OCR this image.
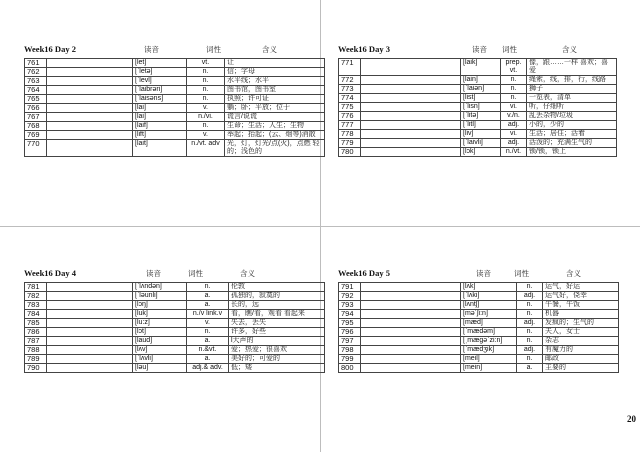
Week16 Day 2	读音	词性	含义
761		[let]	vt.	让
762		[ˈletə]	n.	信；字母
763		[ˈlevl]	n.	水平线；水平
764		[ˈlaibrəri]	n.	图书馆，图书室
765		[ˈlaisəns]	n.	执照；许可证
766		[lai]	v.	躺；卧；平放；位于
767		[lai]	n./vi.	谎言/说谎
768		[laif]	n.	生命；生活；人生；生物
769		[lift]	v.	举起；抬起；(云、烟等)消散
770		[lait]	n./vt. adv	光，灯，灯光/点(火)，点燃 轻的；浅色的
Week16 Day 3	读音 词性	含义
771		[laik]	prep. vt.	像，跟……一样 喜欢；喜爱
772		[lain]	n.	绳索，线，排，行，线路
773		[ˈlaiən]	n.	狮子
774		[list]	n.	一览表，清单
775		[ˈlisn]	vi.	听，仔细听
776		[ˈlitə]	v./n.	乱丢杂物/垃圾
777		[ˈlitl]	adj.	小的，少的
778		[liv]	vi.	生活；居住；活着
779		[ˈlaivli]	adj.	活泼的；充满生气的
780		[lɔk]	n./vt.	锁/锁，锁上
Week16 Day 4	读音	词性	含义
781		[ˈlʌndən]	n.	伦敦
782		[ˈləunli]	a.	孤独的，寂寞的
783		[lɔŋ]	a.	长的，远
784		[luk]	n./v link.v	看，瞧/看，观看 看起来
785		[lu:z]	v.	失去，丢失
786		[lɔt]	n.	许多，好些
787		[laud]	a.	l大声的
788		[lʌv]	n.&vt.	爱；热爱；很喜欢
789		[ˈlʌvli]	a.	美好的；可爱的
790		[ləu]	adj.& adv.	低；矮
Week16 Day 5	读音	词性	含义
791		[lʌk]	n.	运气，好运
792		[ˈlʌki]	adj.	运气好，侥幸
793		[lʌntʃ]	n.	午餐，午饭
794		[məˈʃi:n]	n.	机器
795		[mæd]	adj.	发疯的；生气的
796		[ˈmædəm]	n.	夫人，女士
797		[ˌmægəˈzi:n]	n.	杂志
798		[ˈmædʒik]	adj.	有魔力的
799		[meil]	n.	邮政
800		[mein]	a.	主要的
20
